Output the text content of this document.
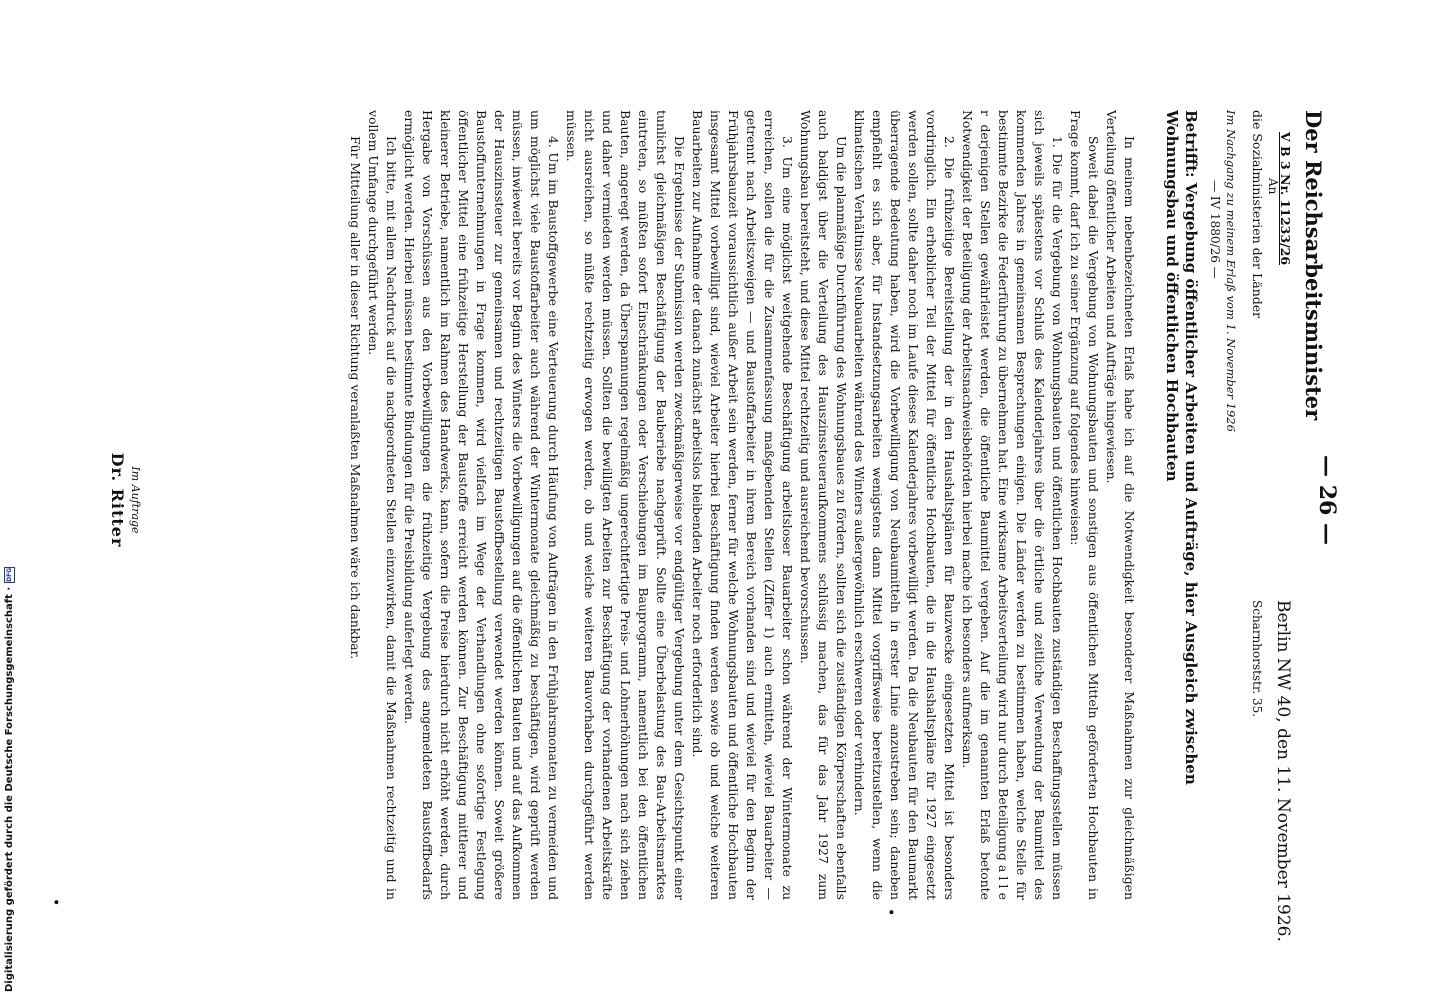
— 26 —
Der Reichsarbeitsminister
V B 3 Nr. 11233/26
Berlin NW 40, den 11. November 1926.
Scharnhorststr. 35.
An
die Sozialministerien der Länder
Im Nachgang zu meinem Erlaß vom 1. November 1926
— IV 1880/26 —
Betrifft: Vergebung öffentlicher Arbeiten und Aufträge, hier Ausgleich zwischen Wohnungsbau und öffentlichen Hochbauten

In meinem nebenbezeichneten Erlaß habe ich auf die Notwendigkeit besonderer Maßnahmen zur gleichmäßigen Verteilung öffentlicher Arbeiten und Aufträge hingewiesen.

Soweit dabei die Vergebung von Wohnungsbauten und sonstigen aus öffentlichen Mitteln geförderten Hochbauten in Frage kommt, darf ich zu seiner Ergänzung auf folgendes hinweisen:

1. Die für die Vergebung von Wohnungsbauten und öffentlichen Hochbauten zuständigen Beschaffungsstellen müssen sich jeweils spätestens vor Schluß des Kalenderjahres über die örtliche und zeitliche Verwendung der Baumittel des kommenden Jahres in gemeinsamen Besprechungen einigen. Die Länder werden zu bestimmen haben, welche Stelle für bestimmte Bezirke die Federführung zu übernehmen hat. Eine wirksame Arbeitsverteilung wird nur durch Beteiligung a l l e r derjenigen Stellen gewährleistet werden, die öffentliche Baumittel vergeben. Auf die im genannten Erlaß betonte Notwendigkeit der Beteiligung der Arbeitsnachweisbehörden hierbei mache ich besonders aufmerksam.

2. Die frühzeitige Bereitstellung der in den Haushaltsplänen für Bauzwecke eingesetzten Mittel ist besonders vordringlich. Ein erheblicher Teil der Mittel für öffentliche Hochbauten, die in die Haushaltspläne für 1927 eingesetzt werden sollen, sollte daher noch im Laufe dieses Kalenderjahres vorbewilligt werden. Da die Neubauten für den Baumarkt überragende Bedeutung haben, wird die Vorbewilligung von Neubaumitteln in erster Linie anzustreben sein; daneben empfiehlt es sich aber, für Instandsetzungsarbeiten wenigstens dann Mittel vorgriffsweise bereitzustellen, wenn die klimatischen Verhältnisse Neubauarbeiten während des Winters außergewöhnlich erschweren oder verhindern.

Um die planmäßige Durchführung des Wohnungsbaues zu fördern, sollten sich die zuständigen Körperschaften ebenfalls auch baldigst über die Verteilung des Hauszinssteueraufkommens schlüssig machen, das für das Jahr 1927 zum Wohnungsbau bereitsteht, und diese Mittel rechtzeitig und ausreichend bevorschussen.

3. Um eine möglichst weitgehende Beschäftigung arbeitsloser Bauarbeiter schon während der Wintermonate zu erreichen, sollen die für die Zusammenfassung maßgebenden Stellen (Ziffer 1) auch ermitteln, wieviel Bauarbeiter — getrennt nach Arbeitszweigen — und Baustoffarbeiter in ihrem Bereich vorhanden sind und wieviel für den Beginn der Frühjahrsbauzeit voraussichtlich außer Arbeit sein werden, ferner für welche Wohnungsbauten und öffentliche Hochbauten insgesamt Mittel vorbewilligt sind, wieviel Arbeiter hierbei Beschäftigung finden werden sowie ob und welche weiteren Bauarbeiten zur Aufnahme der danach zunächst arbeitslos bleibenden Arbeiter noch erforderlich sind.

Die Ergebnisse der Submission werden zweckmäßigerweise vor endgültiger Vergebung unter dem Gesichtspunkt einer tunlichst gleichmäßigen Beschäftigung der Bauberiebe nachgeprüft. Sollte eine Überbelastung des Bau-Arbeitsmarktes eintreten, so müßten sofort Einschränkungen oder Verschiebungen im Bauprogramm, namentlich bei den öffentlichen Bauten, angeregt werden, da Überspannungen regelmäßig ungerechtfertigte Preis- und Lohnerhöhungen nach sich ziehen und daher vermieden werden müssen. Sollten die bewilligten Arbeiten zur Beschäftigung der vorhandenen Arbeitskräfte nicht ausreichen, so müßte rechtzeitig erwogen werden, ob und welche weiteren Bauvorhaben durchgeführt werden müssen.

4. Um im Baustoffgewerbe eine Verteuerung durch Häufung von Aufträgen in den Frühjahrsmonaten zu vermeiden und um möglichst viele Baustoffarbeiter auch während der Wintermonate gleichmäßig zu beschäftigen, wird geprüft werden müssen, inwieweit bereits vor Beginn des Winters die Vorbewilligungen auf die öffentlichen Bauten und auf das Aufkommen der Hauszinssteuer zur gemeinsamen und rechtzeitigen Baustoffbestellung verwendet werden können. Soweit größere Baustoffunternehmungen in Frage kommen, wird vielfach im Wege der Verhandlungen ohne sofortige Festlegung öffentlicher Mittel eine frühzeitige Herstellung der Baustoffe erreicht werden können. Zur Beschäftigung mittlerer und kleinerer Betriebe, namentlich im Rahmen des Handwerks, kann, sofern die Preise hierdurch nicht erhöht werden, durch Hergabe von Vorschüssen aus den Vorbewilligungen die frühzeitige Vergebung des angemeldeten Baustoffbedarfs ermöglicht werden. Hierbei müssen bestimmte Bindungen für die Preisbildung auferlegt werden.

Ich bitte, mit allem Nachdruck auf die nachgeordneten Stellen einzuwirken, damit die Maßnahmen rechtzeitig und in vollem Umfange durchgeführt werden.

Für Mitteilung aller in dieser Richtung veranlaßten Maßnahmen wäre ich dankbar.

Im Auftrage
Dr. Ritter
•
•
Digitalisierung gefördert durch die Deutsche Forschungsgemeinschaft ·
DFG
